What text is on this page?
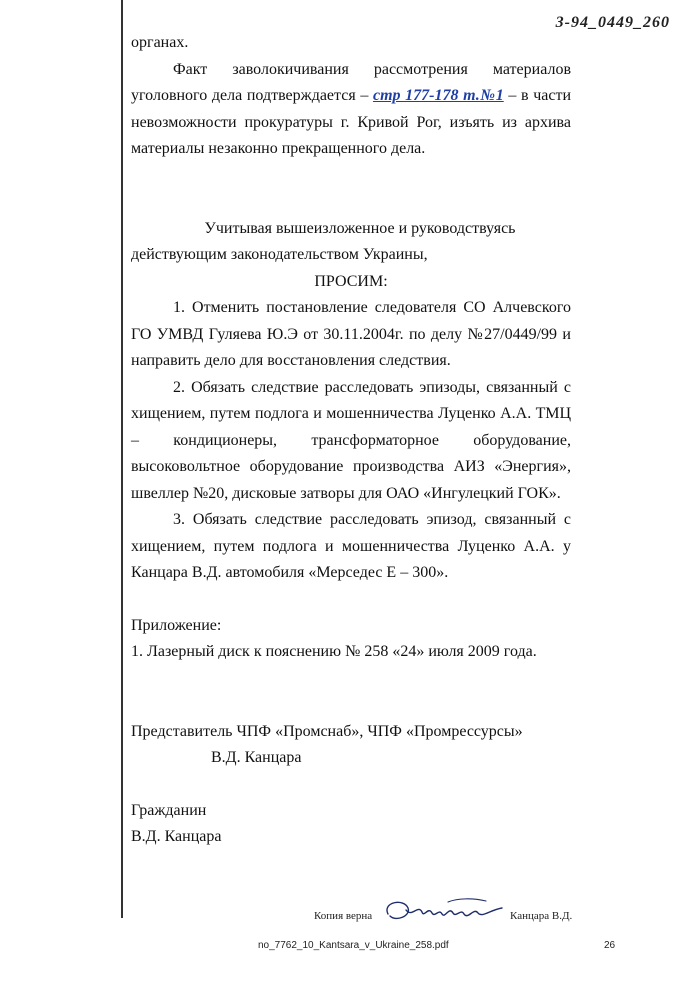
3-94_0449_260

органах.

Факт заволокичивания рассмотрения материалов уголовного дела подтверждается – стр 177-178 т.№1 – в части невозможности прокуратуры г. Кривой Рог, изъять из архива материалы незаконно прекращенного дела.

Учитывая вышеизложенное и руководствуясь

действующим законодательством Украины,

ПРОСИМ:

1. Отменить постановление следователя СО Алчевского ГО УМВД Гуляева Ю.Э от 30.11.2004г. по делу №27/0449/99 и направить дело для восстановления следствия.

2. Обязать следствие расследовать эпизоды, связанный с хищением, путем подлога и мошенничества Луценко А.А. ТМЦ – кондиционеры, трансформаторное оборудование, высоковольтное оборудование производства АИЗ «Энергия», швеллер №20, дисковые затворы для ОАО «Ингулецкий ГОК».

3. Обязать следствие расследовать эпизод, связанный с хищением, путем подлога и мошенничества Луценко А.А. у Канцара В.Д. автомобиля «Мерседес Е – 300».

Приложение:

1. Лазерный диск к пояснению № 258 «24» июля 2009 года.

Представитель ЧПФ «Промснаб», ЧПФ «Промрессурсы»

В.Д. Канцара

Гражданин

В.Д. Канцара

Копия верна	Канцара В.Д.
no_7762_10_Kantsara_v_Ukraine_258.pdf	26
